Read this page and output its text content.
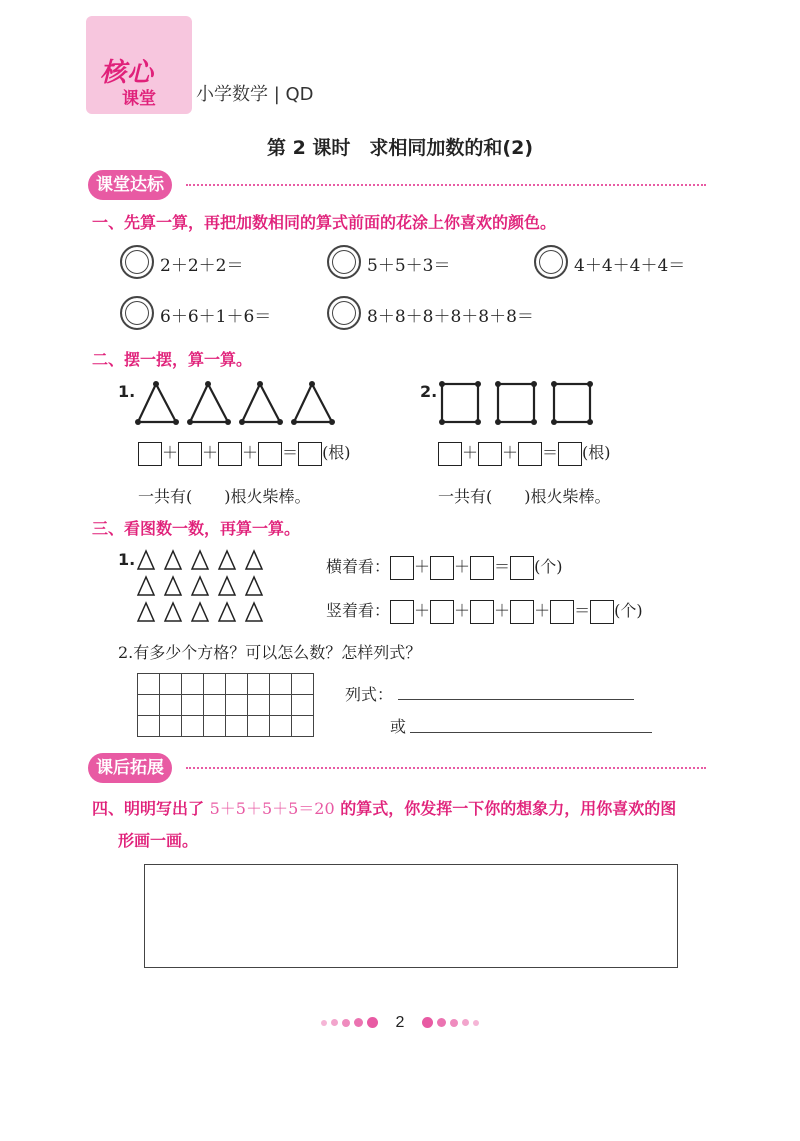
核心
课堂 小学数学 | QD
第 2 课时　求相同加数的和(2)
课堂达标
一、先算一算，再把加数相同的算式前面的花涂上你喜欢的颜色。
2＋2＋2＝	5＋5＋3＝	4＋4＋4＋4＝
6＋6＋1＋6＝	8＋8＋8＋8＋8＋8＝
二、摆一摆，算一算。
1.	2.
＋ ＋ ＋ ＝ (根)	＋ ＋ ＝ (根)
一共有(　　)根火柴棒。	一共有(　　)根火柴棒。
三、看图数一数，再算一算。
1.	横着看： ＋ ＋ ＝ (个)
竖着看： ＋ ＋ ＋ ＋ ＝ (个)
2.有多少个方格？可以怎么数？怎样列式？

列式：
或
课后拓展
四、明明写出了 5＋5＋5＋5＝20 的算式，你发挥一下你的想象力，用你喜欢的图
形画一画。
2
